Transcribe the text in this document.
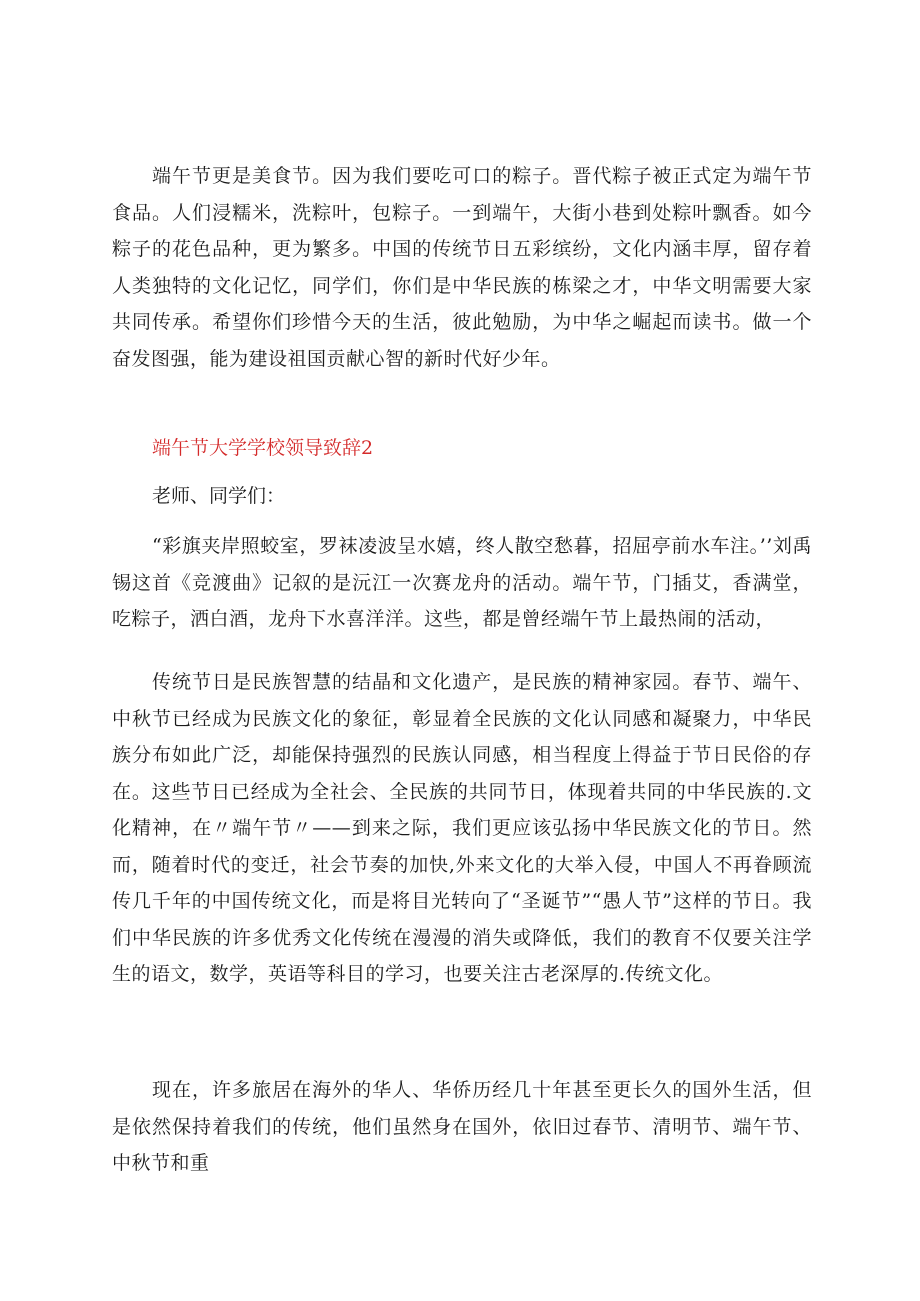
端午节更是美食节。因为我们要吃可口的粽子。晋代粽子被正式定为端午节食品。人们浸糯米，洗粽叶，包粽子。一到端午，大街小巷到处粽叶飘香。如今粽子的花色品种，更为繁多。中国的传统节日五彩缤纷，文化内涵丰厚，留存着人类独特的文化记忆，同学们，你们是中华民族的栋梁之才，中华文明需要大家共同传承。希望你们珍惜今天的生活，彼此勉励，为中华之崛起而读书。做一个奋发图强，能为建设祖国贡献心智的新时代好少年。

端午节大学学校领导致辞2

老师、同学们：

“彩旗夹岸照蛟室，罗袜凌波呈水嬉，终人散空愁暮，招屈亭前水车注。’’刘禹锡这首《竞渡曲》记叙的是沅江一次赛龙舟的活动。端午节，门插艾，香满堂，吃粽子，洒白酒，龙舟下水喜洋洋。这些，都是曾经端午节上最热闹的活动，

传统节日是民族智慧的结晶和文化遗产，是民族的精神家园。春节、端午、中秋节已经成为民族文化的象征，彰显着全民族的文化认同感和凝聚力，中华民族分布如此广泛，却能保持强烈的民族认同感，相当程度上得益于节日民俗的存在。这些节日已经成为全社会、全民族的共同节日，体现着共同的中华民族的.文化精神，在〃端午节〃——到来之际，我们更应该弘扬中华民族文化的节日。然而，随着时代的变迁，社会节奏的加快,外来文化的大举入侵，中国人不再眷顾流传几千年的中国传统文化，而是将目光转向了“圣诞节”“愚人节”这样的节日。我们中华民族的许多优秀文化传统在漫漫的消失或降低，我们的教育不仅要关注学生的语文，数学，英语等科目的学习，也要关注古老深厚的.传统文化。

现在，许多旅居在海外的华人、华侨历经几十年甚至更长久的国外生活，但是依然保持着我们的传统，他们虽然身在国外，依旧过春节、清明节、端午节、中秋节和重
